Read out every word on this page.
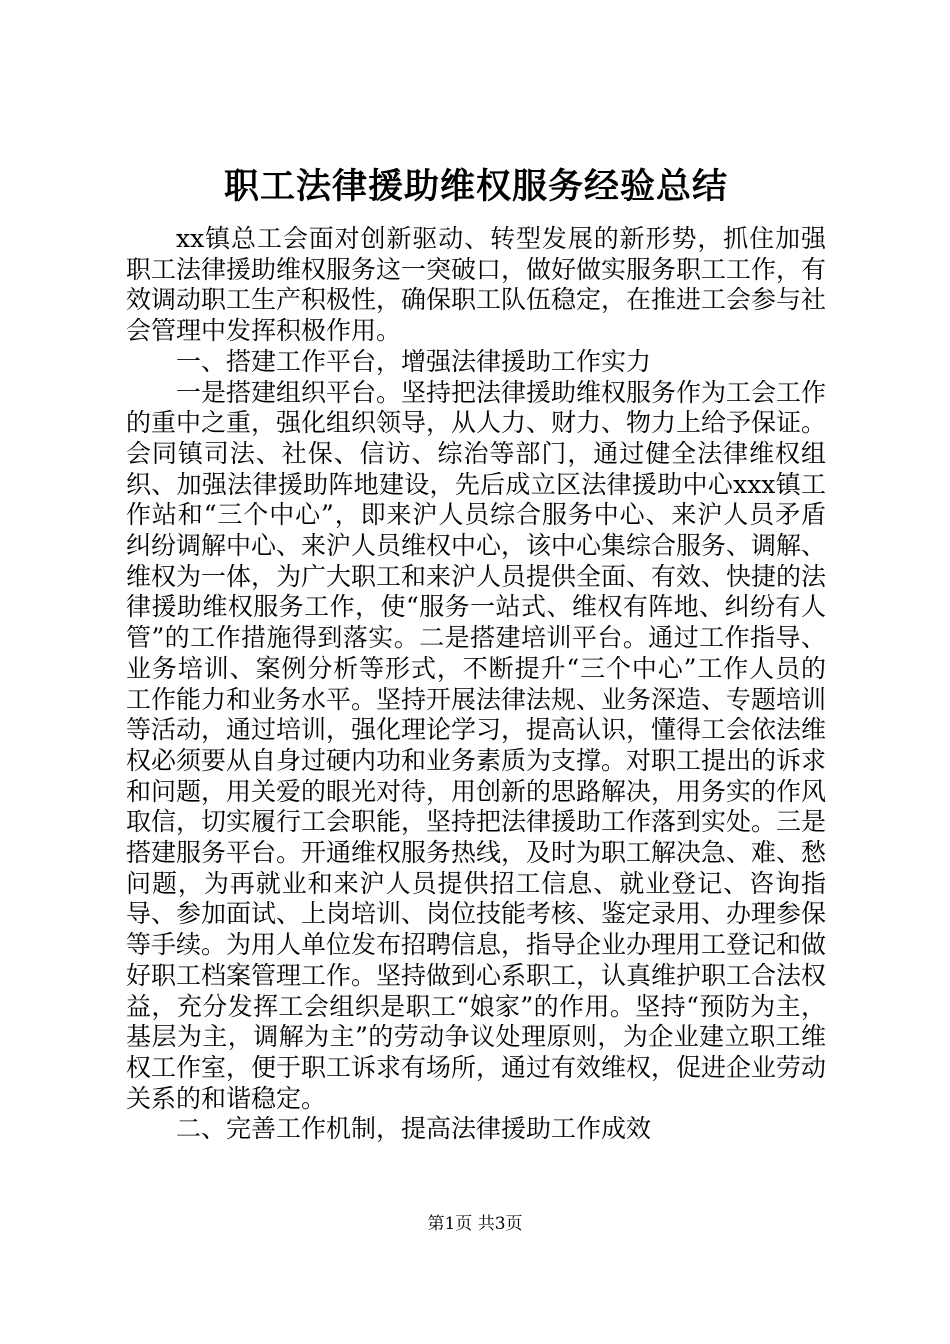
职工法律援助维权服务经验总结

xx镇总工会面对创新驱动、转型发展的新形势，抓住加强职工法律援助维权服务这一突破口，做好做实服务职工工作，有效调动职工生产积极性，确保职工队伍稳定，在推进工会参与社会管理中发挥积极作用。

一、搭建工作平台，增强法律援助工作实力

一是搭建组织平台。坚持把法律援助维权服务作为工会工作的重中之重，强化组织领导，从人力、财力、物力上给予保证。会同镇司法、社保、信访、综治等部门，通过健全法律维权组织、加强法律援助阵地建设，先后成立区法律援助中心xxx镇工作站和“三个中心”，即来沪人员综合服务中心、来沪人员矛盾纠纷调解中心、来沪人员维权中心，该中心集综合服务、调解、维权为一体，为广大职工和来沪人员提供全面、有效、快捷的法律援助维权服务工作，使“服务一站式、维权有阵地、纠纷有人管”的工作措施得到落实。二是搭建培训平台。通过工作指导、业务培训、案例分析等形式，不断提升“三个中心”工作人员的工作能力和业务水平。坚持开展法律法规、业务深造、专题培训等活动，通过培训，强化理论学习，提高认识，懂得工会依法维权必须要从自身过硬内功和业务素质为支撑。对职工提出的诉求和问题，用关爱的眼光对待，用创新的思路解决，用务实的作风取信，切实履行工会职能，坚持把法律援助工作落到实处。三是搭建服务平台。开通维权服务热线，及时为职工解决急、难、愁问题，为再就业和来沪人员提供招工信息、就业登记、咨询指导、参加面试、上岗培训、岗位技能考核、鉴定录用、办理参保等手续。为用人单位发布招聘信息，指导企业办理用工登记和做好职工档案管理工作。坚持做到心系职工，认真维护职工合法权益，充分发挥工会组织是职工“娘家”的作用。坚持“预防为主，基层为主，调解为主”的劳动争议处理原则，为企业建立职工维权工作室，便于职工诉求有场所，通过有效维权，促进企业劳动关系的和谐稳定。

二、完善工作机制，提高法律援助工作成效

第1页 共3页
